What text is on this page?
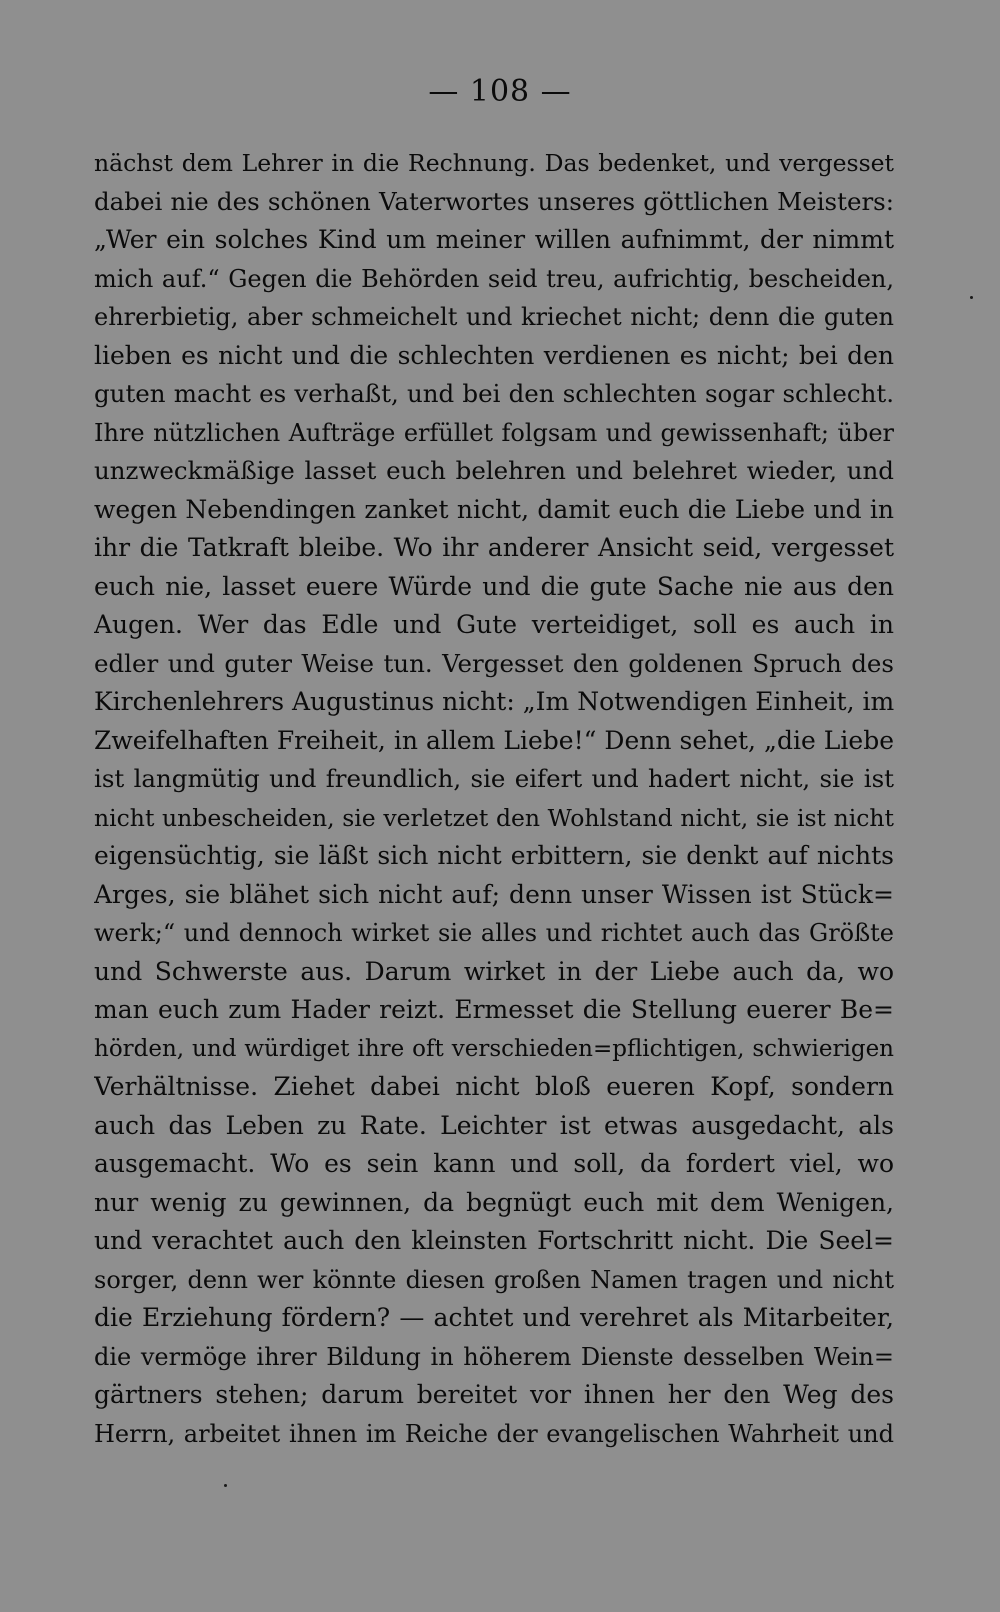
— 108 —
nächst dem Lehrer in die Rechnung. Das bedenket, und vergesset
dabei nie des schönen Vaterwortes unseres göttlichen Meisters:
„Wer ein solches Kind um meiner willen aufnimmt, der nimmt
mich auf.“ Gegen die Behörden seid treu, aufrichtig, bescheiden,
ehrerbietig, aber schmeichelt und kriechet nicht; denn die guten
lieben es nicht und die schlechten verdienen es nicht; bei den
guten macht es verhaßt, und bei den schlechten sogar schlecht.
Ihre nützlichen Aufträge erfüllet folgsam und gewissenhaft; über
unzweckmäßige lasset euch belehren und belehret wieder, und
wegen Nebendingen zanket nicht, damit euch die Liebe und in
ihr die Tatkraft bleibe. Wo ihr anderer Ansicht seid, vergesset
euch nie, lasset euere Würde und die gute Sache nie aus den
Augen. Wer das Edle und Gute verteidiget, soll es auch in
edler und guter Weise tun. Vergesset den goldenen Spruch des
Kirchenlehrers Augustinus nicht: „Im Notwendigen Einheit, im
Zweifelhaften Freiheit, in allem Liebe!“ Denn sehet, „die Liebe
ist langmütig und freundlich, sie eifert und hadert nicht, sie ist
nicht unbescheiden, sie verletzet den Wohlstand nicht, sie ist nicht
eigensüchtig, sie läßt sich nicht erbittern, sie denkt auf nichts
Arges, sie blähet sich nicht auf; denn unser Wissen ist Stück=
werk;“ und dennoch wirket sie alles und richtet auch das Größte
und Schwerste aus. Darum wirket in der Liebe auch da, wo
man euch zum Hader reizt. Ermesset die Stellung euerer Be=
hörden, und würdiget ihre oft verschieden=pflichtigen, schwierigen
Verhältnisse. Ziehet dabei nicht bloß eueren Kopf, sondern
auch das Leben zu Rate. Leichter ist etwas ausgedacht, als
ausgemacht. Wo es sein kann und soll, da fordert viel, wo
nur wenig zu gewinnen, da begnügt euch mit dem Wenigen,
und verachtet auch den kleinsten Fortschritt nicht. Die Seel=
sorger, denn wer könnte diesen großen Namen tragen und nicht
die Erziehung fördern? — achtet und verehret als Mitarbeiter,
die vermöge ihrer Bildung in höherem Dienste desselben Wein=
gärtners stehen; darum bereitet vor ihnen her den Weg des
Herrn, arbeitet ihnen im Reiche der evangelischen Wahrheit und
